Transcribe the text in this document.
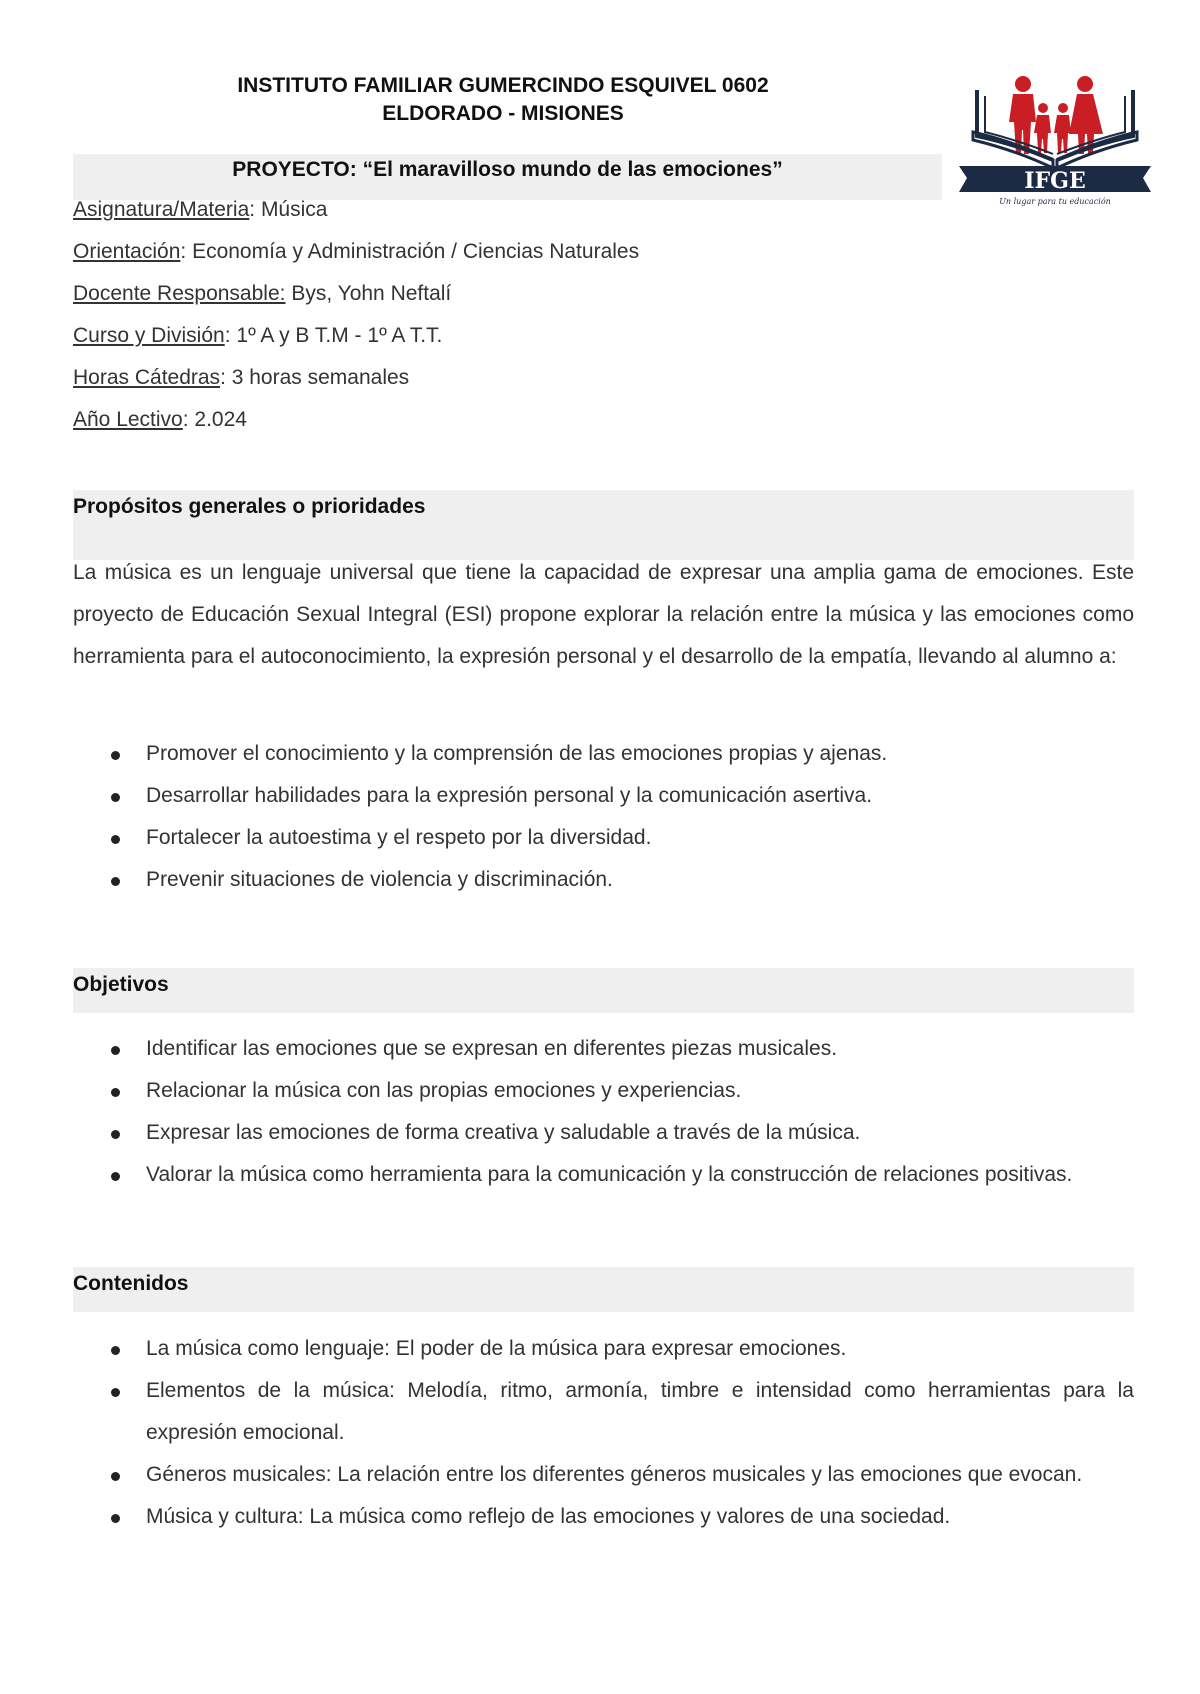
INSTITUTO FAMILIAR GUMERCINDO ESQUIVEL 0602
ELDORADO - MISIONES
IFGE
Un lugar para tu educación
PROYECTO: “El maravilloso mundo de las emociones”
Asignatura/Materia: Música
Orientación: Economía y Administración / Ciencias Naturales
Docente Responsable: Bys, Yohn Neftalí
Curso y División: 1º A y B T.M - 1º A T.T.
Horas Cátedras: 3 horas semanales
Año Lectivo: 2.024
Propósitos generales o prioridades

La música es un lenguaje universal que tiene la capacidad de expresar una amplia gama de emociones. Este proyecto de Educación Sexual Integral (ESI) propone explorar la relación entre la música y las emociones como herramienta para el autoconocimiento, la expresión personal y el desarrollo de la empatía, llevando al alumno a:

Promover el conocimiento y la comprensión de las emociones propias y ajenas.
Desarrollar habilidades para la expresión personal y la comunicación asertiva.
Fortalecer la autoestima y el respeto por la diversidad.
Prevenir situaciones de violencia y discriminación.
Objetivos
Identificar las emociones que se expresan en diferentes piezas musicales.
Relacionar la música con las propias emociones y experiencias.
Expresar las emociones de forma creativa y saludable a través de la música.
Valorar la música como herramienta para la comunicación y la construcción de relaciones positivas.
Contenidos
La música como lenguaje: El poder de la música para expresar emociones.
Elementos de la música: Melodía, ritmo, armonía, timbre e intensidad como herramientas para la expresión emocional.
Géneros musicales: La relación entre los diferentes géneros musicales y las emociones que evocan.
Música y cultura: La música como reflejo de las emociones y valores de una sociedad.
